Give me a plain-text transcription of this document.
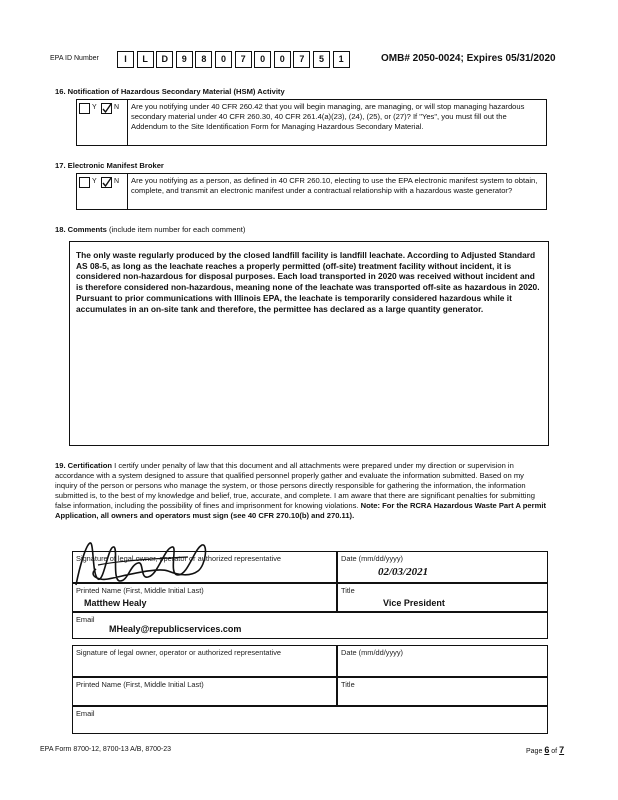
EPA ID Number	I	L	D	9	8	0	7	0	0	7	5	1	OMB# 2050-0024; Expires 05/31/2020
16. Notification of Hazardous Secondary Material (HSM) Activity
Y N Are you notifying under 40 CFR 260.42 that you will begin managing, are managing, or will stop managing hazardous secondary material under 40 CFR 260.30, 40 CFR 261.4(a)(23), (24), (25), or (27)? If "Yes", you must fill out the Addendum to the Site Identification Form for Managing Hazardous Secondary Material.
17. Electronic Manifest Broker
Y N Are you notifying as a person, as defined in 40 CFR 260.10, electing to use the EPA electronic manifest system to obtain, complete, and transmit an electronic manifest under a contractual relationship with a hazardous waste generator?
18. Comments (include item number for each comment)
The only waste regularly produced by the closed landfill facility is landfill leachate. According to Adjusted Standard AS 08-5, as long as the leachate reaches a properly permitted (off-site) treatment facility without incident, it is considered non-hazardous for disposal purposes. Each load transported in 2020 was received without incident and is therefore considered non-hazardous, meaning none of the leachate was transported off-site as hazardous in 2020. Pursuant to prior communications with Illinois EPA, the leachate is temporarily considered hazardous while it accumulates in an on-site tank and therefore, the permittee has declared as a large quantity generator.
19. Certification I certify under penalty of law that this document and all attachments were prepared under my direction or supervision in accordance with a system designed to assure that qualified personnel properly gather and evaluate the information submitted. Based on my inquiry of the person or persons who manage the system, or those persons directly responsible for gathering the information, the information submitted is, to the best of my knowledge and belief, true, accurate, and complete. I am aware that there are significant penalties for submitting false information, including the possibility of fines and imprisonment for knowing violations. Note: For the RCRA Hazardous Waste Part A permit Application, all owners and operators must sign (see 40 CFR 270.10(b) and 270.11).
Signature of legal owner, operator or authorized representative	Date (mm/dd/yyyy)
02/03/2021
Printed Name (First, Middle Initial Last)
Matthew Healy
Title
Vice President
Email
MHealy@republicservices.com
Signature of legal owner, operator or authorized representative	Date (mm/dd/yyyy)
Printed Name (First, Middle Initial Last)	Title
Email
EPA Form 8700-12, 8700-13 A/B, 8700-23	Page 6 of 7
